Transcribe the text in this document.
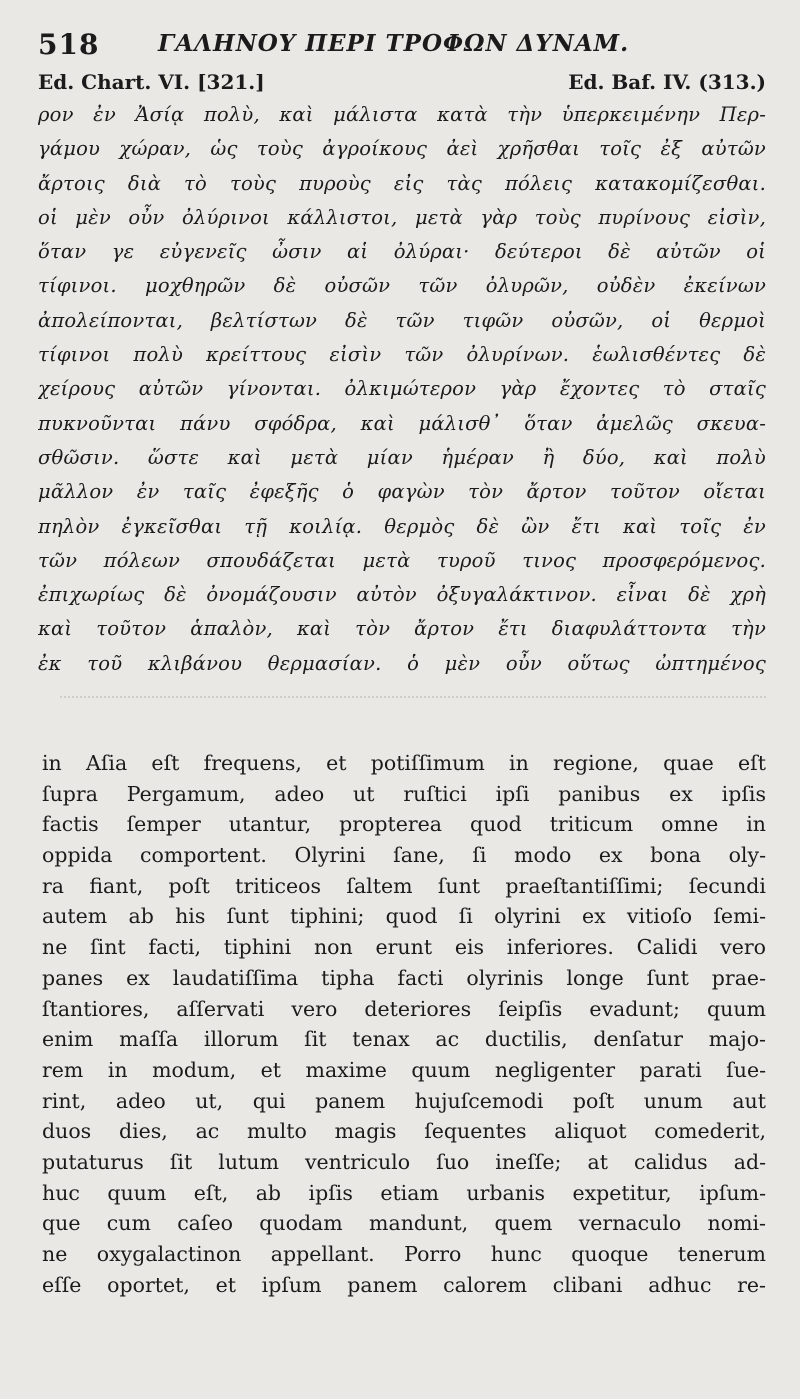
518	ΓΑΛΗΝΟΥ ΠΕΡΙ ΤΡΟΦΩΝ ΔΥΝΑΜ.
Ed. Chart. VI. [321.]	Ed. Baf. IV. (313.)
ρον ἐν Ἀσίᾳ πολὺ, καὶ μάλιστα κατὰ τὴν ὑπερκειμένην Περ-
γάμου χώραν, ὡς τοὺς ἀγροίκους ἀεὶ χρῆσθαι τοῖς ἐξ αὐτῶν
ἄρτοις διὰ τὸ τοὺς πυροὺς εἰς τὰς πόλεις κατακομίζεσθαι.
οἱ μὲν οὖν ὀλύρινοι κάλλιστοι, μετὰ γὰρ τοὺς πυρίνους εἰσὶν,
ὅταν γε εὐγενεῖς ὦσιν αἱ ὀλύραι· δεύτεροι δὲ αὐτῶν οἱ
τίφινοι. μοχθηρῶν δὲ οὐσῶν τῶν ὀλυρῶν, οὐδὲν ἐκείνων
ἀπολείπονται, βελτίστων δὲ τῶν τιφῶν οὐσῶν, οἱ θερμοὶ
τίφινοι πολὺ κρείττους εἰσὶν τῶν ὀλυρίνων. ἑωλισθέντες δὲ
χείρους αὐτῶν γίνονται. ὀλκιμώτερον γὰρ ἔχοντες τὸ σταῖς
πυκνοῦνται πάνυ σφόδρα, καὶ μάλισθ᾽ ὅταν ἀμελῶς σκευα-
σθῶσιν. ὥστε καὶ μετὰ μίαν ἡμέραν ἢ δύο, καὶ πολὺ
μᾶλλον ἐν ταῖς ἐφεξῆς ὁ φαγὼν τὸν ἄρτον τοῦτον οἴεται
πηλὸν ἐγκεῖσθαι τῇ κοιλίᾳ. θερμὸς δὲ ὢν ἔτι καὶ τοῖς ἐν
τῶν πόλεων σπουδάζεται μετὰ τυροῦ τινος προσφερόμενος.
ἐπιχωρίως δὲ ὀνομάζουσιν αὐτὸν ὀξυγαλάκτινον. εἶναι δὲ χρὴ
καὶ τοῦτον ἁπαλὸν, καὶ τὸν ἄρτον ἔτι διαφυλάττοντα τὴν
ἐκ τοῦ κλιβάνου θερμασίαν. ὁ μὲν οὖν οὕτως ὠπτημένος
in Aſia eſt frequens, et potiſſimum in regione, quae eſt
ſupra Pergamum, adeo ut ruſtici ipſi panibus ex ipſis
factis ſemper utantur, propterea quod triticum omne in
oppida comportent. Olyrini ſane, ſi modo ex bona oly-
ra fiant, poſt triticeos ſaltem ſunt praeſtantiſſimi; ſecundi
autem ab his ſunt tiphini; quod ſi olyrini ex vitioſo ſemi-
ne ſint facti, tiphini non erunt eis inferiores. Calidi vero
panes ex laudatiſſima tipha facti olyrinis longe ſunt prae-
ſtantiores, aſſervati vero deteriores ſeipſis evadunt; quum
enim maſſa illorum ſit tenax ac ductilis, denſatur majo-
rem in modum, et maxime quum negligenter parati ſue-
rint, adeo ut, qui panem hujuſcemodi poſt unum aut
duos dies, ac multo magis ſequentes aliquot comederit,
putaturus ſit lutum ventriculo ſuo ineſſe; at calidus ad-
huc quum eſt, ab ipſis etiam urbanis expetitur, ipſum-
que cum caſeo quodam mandunt, quem vernaculo nomi-
ne oxygalactinon appellant. Porro hunc quoque tenerum
eſſe oportet, et ipſum panem calorem clibani adhuc re-
